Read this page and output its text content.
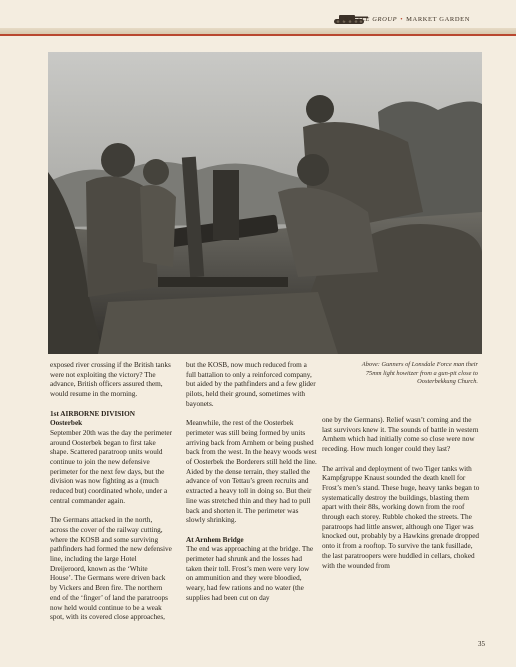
BATTLE GROUP • MARKET GARDEN
Above: Gunners of Lonsdale Force man their 75mm light howitzer from a gun-pit close to Oosterbekkung Church.

exposed river crossing if the British tanks were not exploiting the victory? The advance, British officers assured them, would resume in the morning.

1st AIRBORNE DIVISION
Oosterbek
September 20th was the day the perimeter around Oosterbek began to first take shape. Scattered paratroop units would continue to join the new defensive perimeter for the next few days, but the division was now fighting as a (much reduced but) coordinated whole, under a central commander again.

The Germans attacked in the north, across the cover of the railway cutting, where the KOSB and some surviving pathfinders had formed the new defensive line, including the large Hotel Dreijeroord, known as the ‘White House’. The Germans were driven back by Vickers and Bren fire. The northern end of the ‘finger’ of land the paratroops now held would continue to be a weak spot, with its covered close approaches,

but the KOSB, now much reduced from a full battalion to only a reinforced company, but aided by the pathfinders and a few glider pilots, held their ground, sometimes with bayonets.

Meanwhile, the rest of the Oosterbek perimeter was still being formed by units arriving back from Arnhem or being pushed back from the west. In the heavy woods west of Oosterbek the Borderers still held the line. Aided by the dense terrain, they stalled the advance of von Tettau’s green recruits and extracted a heavy toll in doing so. But their line was stretched thin and they had to pull back and shorten it. The perimeter was slowly shrinking.

At Arnhem Bridge

The end was approaching at the bridge. The perimeter had shrunk and the losses had taken their toll. Frost’s men were very low on ammunition and they were bloodied, weary, had few rations and no water (the supplies had been cut on day

one by the Germans). Relief wasn’t coming and the last survivors knew it. The sounds of battle in western Arnhem which had initially come so close were now receding. How much longer could they last?

The arrival and deployment of two Tiger tanks with Kampfgruppe Knaust sounded the death knell for Frost’s men’s stand. These huge, heavy tanks began to systematically destroy the buildings, blasting them apart with their 88s, working down from the roof through each storey. Rubble choked the streets. The paratroops had little answer, although one Tiger was knocked out, probably by a Hawkins grenade dropped onto it from a rooftop. To survive the tank fusillade, the last paratroopers were huddled in cellars, choked with the wounded from

35
